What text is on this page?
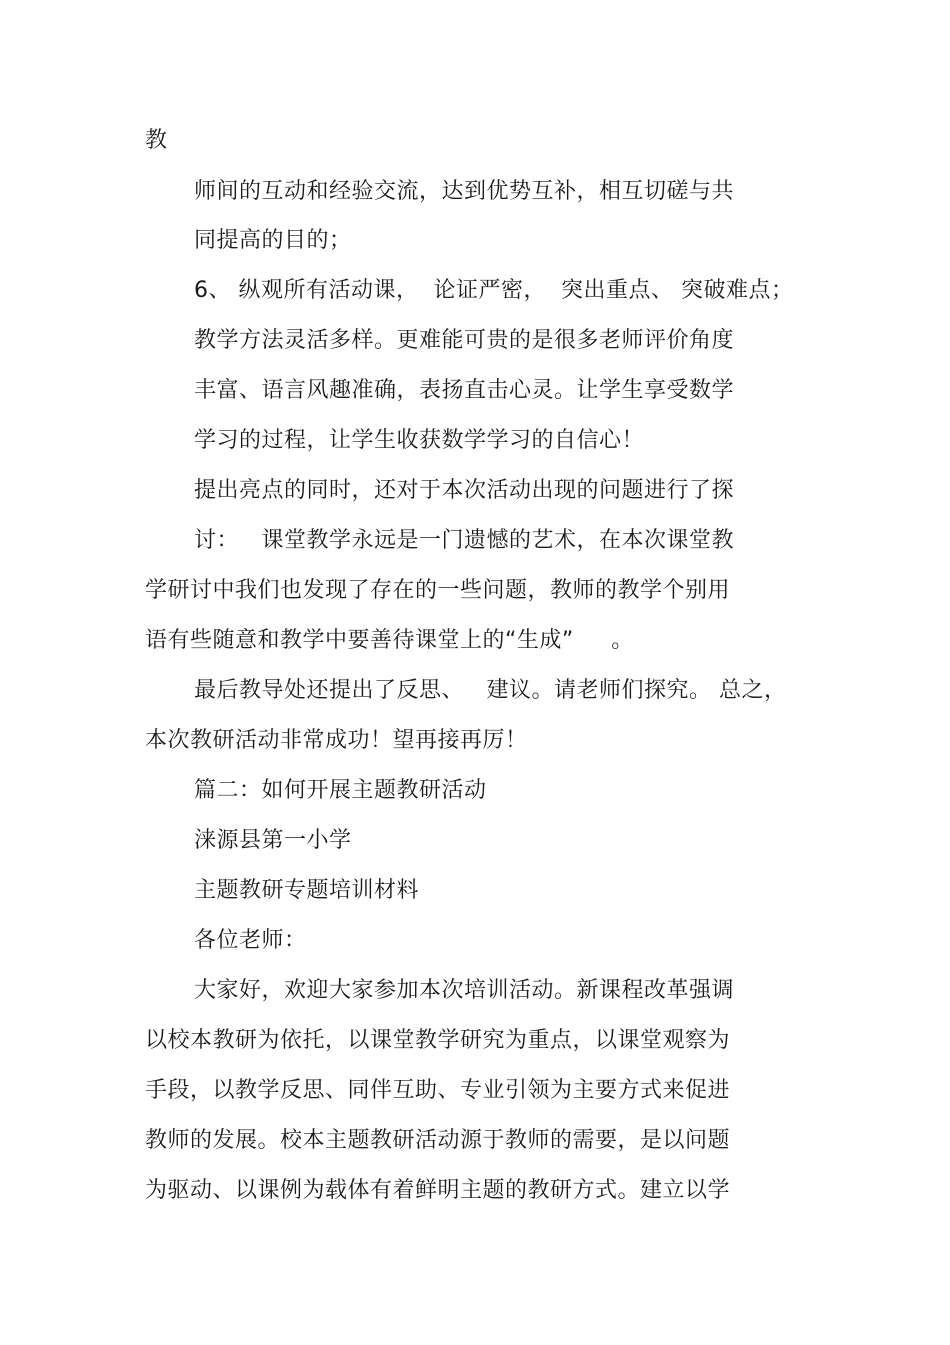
教
师间的互动和经验交流，达到优势互补，相互切磋与共
同提高的目的；
6、 纵观所有活动课，  论证严密，  突出重点、 突破难点；
教学方法灵活多样。更难能可贵的是很多老师评价角度
丰富、语言风趣准确，表扬直击心灵。让学生享受数学
学习的过程，让学生收获数学学习的自信心！
提出亮点的同时，还对于本次活动出现的问题进行了探
讨：   课堂教学永远是一门遗憾的艺术，在本次课堂教
学研讨中我们也发现了存在的一些问题，教师的教学个别用
语有些随意和教学中要善待课堂上的“生成”     。
最后教导处还提出了反思、   建议。请老师们探究。 总之，
本次教研活动非常成功！望再接再厉！
篇二：如何开展主题教研活动
涞源县第一小学
主题教研专题培训材料
各位老师：
大家好，欢迎大家参加本次培训活动。新课程改革强调
以校本教研为依托，以课堂教学研究为重点，以课堂观察为
手段，以教学反思、同伴互助、专业引领为主要方式来促进
教师的发展。校本主题教研活动源于教师的需要，是以问题
为驱动、以课例为载体有着鲜明主题的教研方式。建立以学
